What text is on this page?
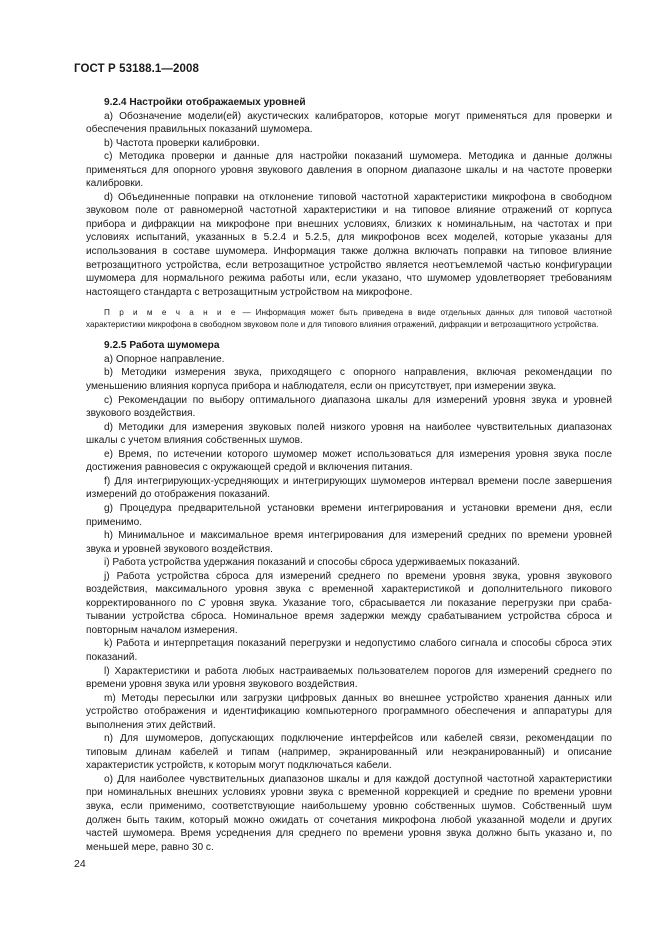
ГОСТ Р 53188.1—2008

9.2.4 Настройки отображаемых уровней

a) Обозначение модели(ей) акустических калибраторов, которые могут применяться для проверки и обеспечения правильных показаний шумомера.

b) Частота проверки калибровки.

c) Методика проверки и данные для настройки показаний шумомера. Методика и данные должны применяться для опорного уровня звукового давления в опорном диапазоне шкалы и на частоте проверки калибровки.

d) Объединенные поправки на отклонение типовой частотной характеристики микрофона в свободном звуковом поле от равномерной частотной характеристики и на типовое влияние отражений от корпуса прибора и дифракции на микрофоне при внешних условиях, близких к номинальным, на частотах и при условиях испытаний, указанных в 5.2.4 и 5.2.5, для микрофонов всех моделей, которые указаны для использования в составе шумомера. Информация также должна включать поправки на типовое влияние ветрозащитного устройства, если ветрозащитное устройство является неотъемлемой частью конфигурации шумомера для нормального режима работы или, если указано, что шумомер удовлетворяет требованиям настоящего стандарта с ветрозащитным устройством на микрофоне.

П р и м е ч а н и е — Информация может быть приведена в виде отдельных данных для типовой частотной характеристики микрофона в свободном звуковом поле и для типового влияния отражений, дифракции и ветрозащитного устройства.

9.2.5 Работа шумомера

a) Опорное направление.

b) Методики измерения звука, приходящего с опорного направления, включая рекомендации по уменьшению влияния корпуса прибора и наблюдателя, если он присутствует, при измерении звука.

c) Рекомендации по выбору оптимального диапазона шкалы для измерений уровня звука и уровней звукового воздействия.

d) Методики для измерения звуковых полей низкого уровня на наиболее чувствительных диапазонах шкалы с учетом влияния собственных шумов.

e) Время, по истечении которого шумомер может использоваться для измерения уровня звука после достижения равновесия с окружающей средой и включения питания.

f) Для интегрирующих-усредняющих и интегрирующих шумомеров интервал времени после завершения измерений до отображения показаний.

g) Процедура предварительной установки времени интегрирования и установки времени дня, если применимо.

h) Минимальное и максимальное время интегрирования для измерений средних по времени уровней звука и уровней звукового воздействия.

i) Работа устройства удержания показаний и способы сброса удерживаемых показаний.

j) Работа устройства сброса для измерений среднего по времени уровня звука, уровня звукового воздействия, максимального уровня звука с временной характеристикой и дополнительного пикового корректированного по C уровня звука. Указание того, сбрасывается ли показание перегрузки при срабатывании устройства сброса. Номинальное время задержки между срабатыванием устройства сброса и повторным началом измерения.

k) Работа и интерпретация показаний перегрузки и недопустимо слабого сигнала и способы сброса этих показаний.

l) Характеристики и работа любых настраиваемых пользователем порогов для измерений среднего по времени уровня звука или уровня звукового воздействия.

m) Методы пересылки или загрузки цифровых данных во внешнее устройство хранения данных или устройство отображения и идентификацию компьютерного программного обеспечения и аппаратуры для выполнения этих действий.

n) Для шумомеров, допускающих подключение интерфейсов или кабелей связи, рекомендации по типовым длинам кабелей и типам (например, экранированный или неэкранированный) и описание характеристик устройств, к которым могут подключаться кабели.

o) Для наиболее чувствительных диапазонов шкалы и для каждой доступной частотной характеристики при номинальных внешних условиях уровни звука с временной коррекцией и средние по времени уровни звука, если применимо, соответствующие наибольшему уровню собственных шумов. Собственный шум должен быть таким, который можно ожидать от сочетания микрофона любой указанной модели и других частей шумомера. Время усреднения для среднего по времени уровня звука должно быть указано и, по меньшей мере, равно 30 с.

24
